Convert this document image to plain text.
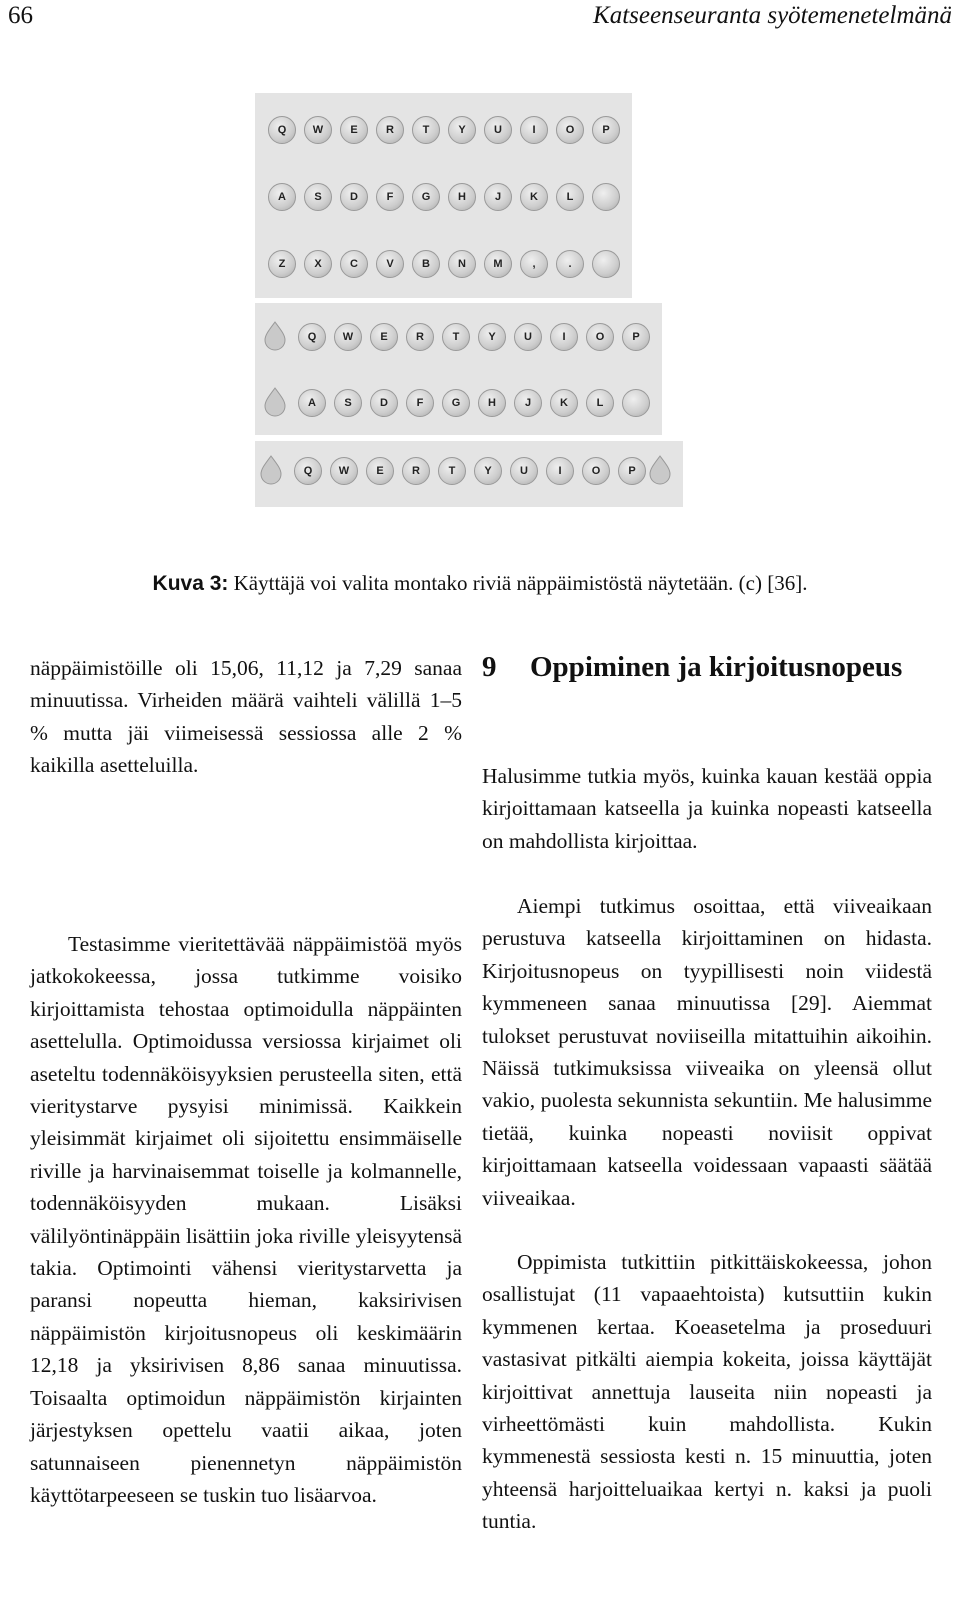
66	Katseenseuranta syötemenetelmänä
Q	W	E	R	T	Y	U	I	O	P
A	S	D	F	G	H	J	K	L
Z	X	C	V	B	N	M	,	.
Q	W	E	R	T	Y	U	I	O	P
A	S	D	F	G	H	J	K	L
Q	W	E	R	T	Y	U	I	O	P
Kuva 3: Käyttäjä voi valita montako riviä näppäimistöstä näytetään. (c) [36].

näppäimistöille oli 15,06, 11,12 ja 7,29 sanaa minuutissa. Virheiden määrä vaihteli välillä 1–5 % mutta jäi viimeisessä sessiossa alle 2 % kaikilla asetteluilla.

Testasimme vieritettävää näppäimistöä myös jatkokokeessa, jossa tutkimme voisiko kirjoittamista tehostaa optimoidulla näppäinten asettelulla. Optimoidussa versiossa kirjaimet oli aseteltu todennäköisyyksien perusteella siten, että vieritystarve pysyisi minimissä. Kaikkein yleisimmät kirjaimet oli sijoitettu ensimmäiselle riville ja harvinaisemmat toiselle ja kolmannelle, todennäköisyyden mukaan. Lisäksi välilyöntinäppäin lisättiin joka riville yleisyytensä takia. Optimointi vähensi vieritystarvetta ja paransi nopeutta hieman, kaksirivisen näppäimistön kirjoitusnopeus oli keskimäärin 12,18 ja yksirivisen 8,86 sanaa minuutissa. Toisaalta optimoidun näppäimistön kirjainten järjestyksen opettelu vaatii aikaa, joten satunnaiseen pienennetyn näppäimistön käyttötarpeeseen se tuskin tuo lisäarvoa.

9 Oppiminen ja kirjoitusnopeus

Halusimme tutkia myös, kuinka kauan kestää oppia kirjoittamaan katseella ja kuinka nopeasti katseella on mahdollista kirjoittaa.

Aiempi tutkimus osoittaa, että viiveaikaan perustuva katseella kirjoittaminen on hidasta. Kirjoitusnopeus on tyypillisesti noin viidestä kymmeneen sanaa minuutissa [29]. Aiemmat tulokset perustuvat noviiseilla mitattuihin aikoihin. Näissä tutkimuksissa viiveaika on yleensä ollut vakio, puolesta sekunnista sekuntiin. Me halusimme tietää, kuinka nopeasti noviisit oppivat kirjoittamaan katseella voidessaan vapaasti säätää viiveaikaa.

Oppimista tutkittiin pitkittäiskokeessa, johon osallistujat (11 vapaaehtoista) kutsuttiin kukin kymmenen kertaa. Koeasetelma ja proseduuri vastasivat pitkälti aiempia kokeita, joissa käyttäjät kirjoittivat annettuja lauseita niin nopeasti ja virheettömästi kuin mahdollista. Kukin kymmenestä sessiosta kesti n. 15 minuuttia, joten yhteensä harjoitteluaikaa kertyi n. kaksi ja puoli tuntia.
